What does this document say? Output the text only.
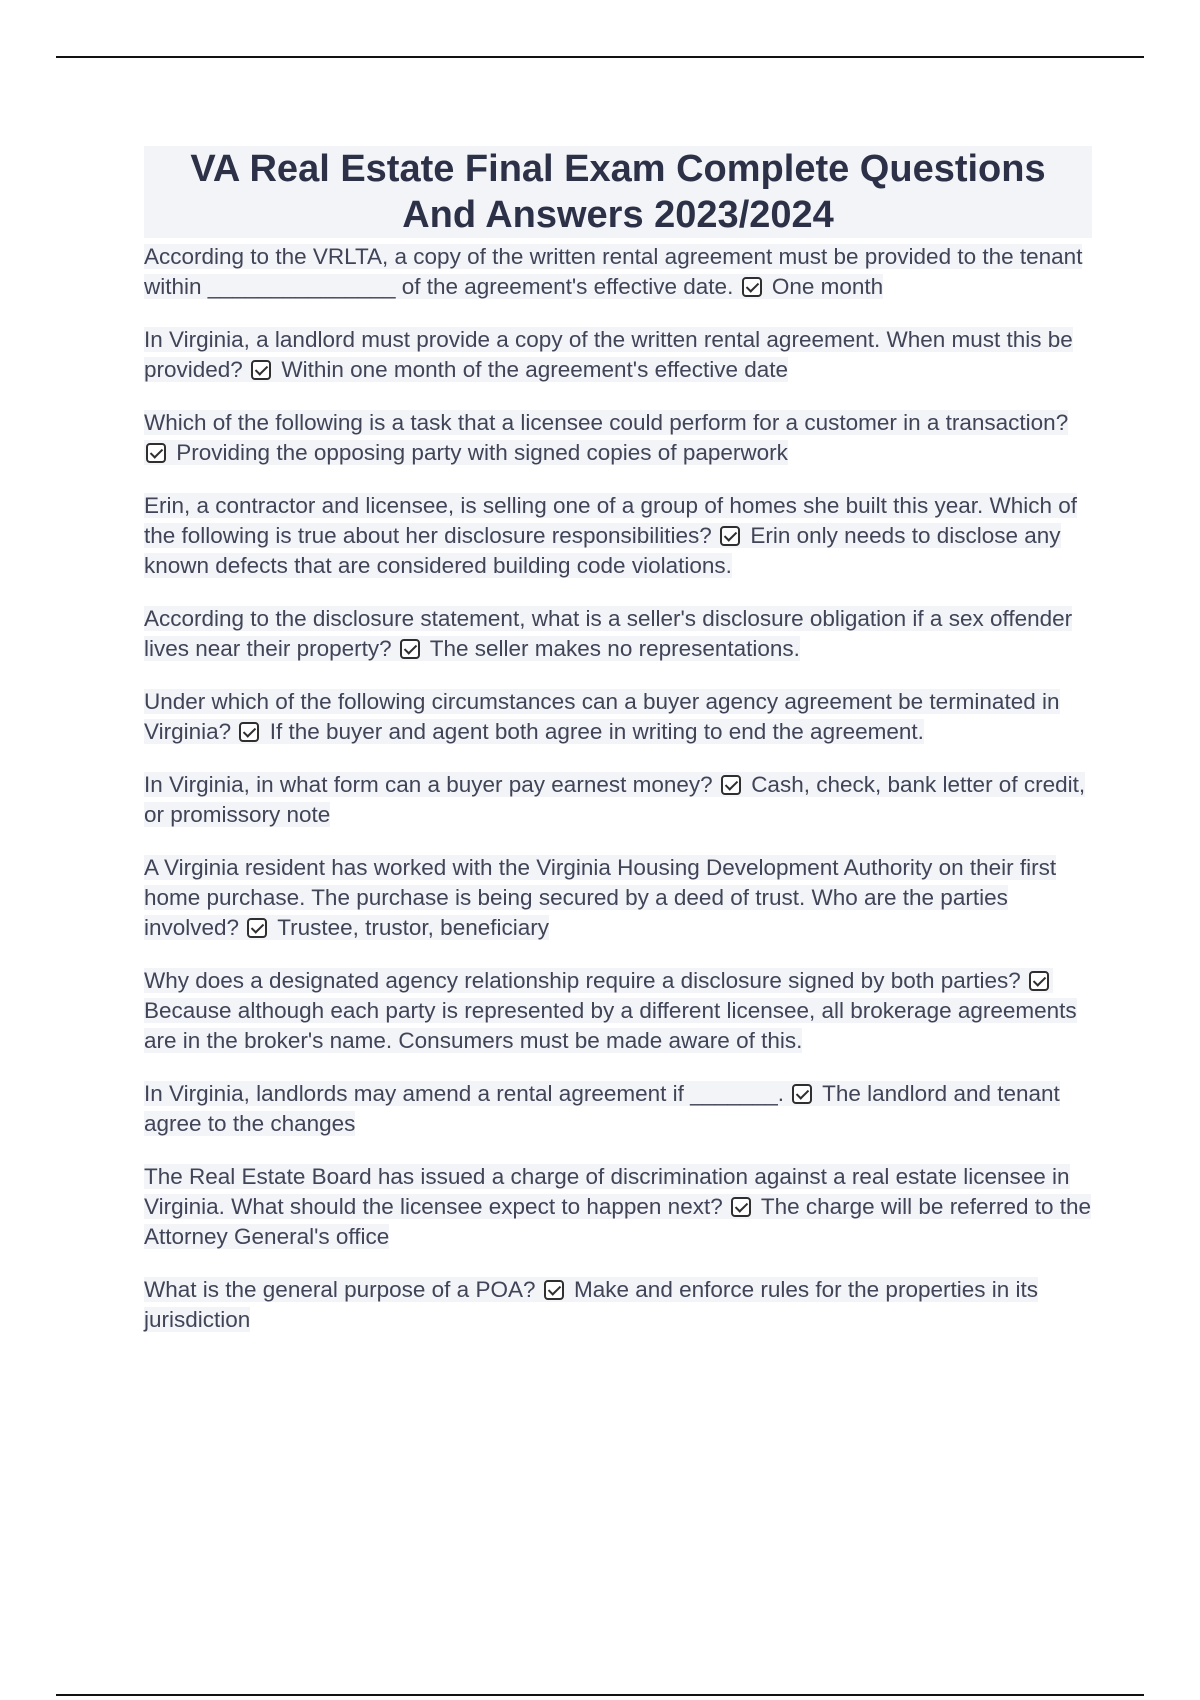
VA Real Estate Final Exam Complete Questions And Answers 2023/2024

According to the VRLTA, a copy of the written rental agreement must be provided to the tenant within _______________ of the agreement's effective date. One month

In Virginia, a landlord must provide a copy of the written rental agreement. When must this be provided? Within one month of the agreement's effective date

Which of the following is a task that a licensee could perform for a customer in a transaction?  Providing the opposing party with signed copies of paperwork

Erin, a contractor and licensee, is selling one of a group of homes she built this year. Which of the following is true about her disclosure responsibilities? Erin only needs to disclose any known defects that are considered building code violations.

According to the disclosure statement, what is a seller's disclosure obligation if a sex offender lives near their property? The seller makes no representations.

Under which of the following circumstances can a buyer agency agreement be terminated in Virginia? If the buyer and agent both agree in writing to end the agreement.

In Virginia, in what form can a buyer pay earnest money? Cash, check, bank letter of credit, or promissory note

A Virginia resident has worked with the Virginia Housing Development Authority on their first home purchase. The purchase is being secured by a deed of trust. Who are the parties involved? Trustee, trustor, beneficiary

Why does a designated agency relationship require a disclosure signed by both parties?  Because although each party is represented by a different licensee, all brokerage agreements are in the broker's name. Consumers must be made aware of this.

In Virginia, landlords may amend a rental agreement if _______. The landlord and tenant agree to the changes

The Real Estate Board has issued a charge of discrimination against a real estate licensee in Virginia. What should the licensee expect to happen next? The charge will be referred to the Attorney General's office

What is the general purpose of a POA? Make and enforce rules for the properties in its jurisdiction
